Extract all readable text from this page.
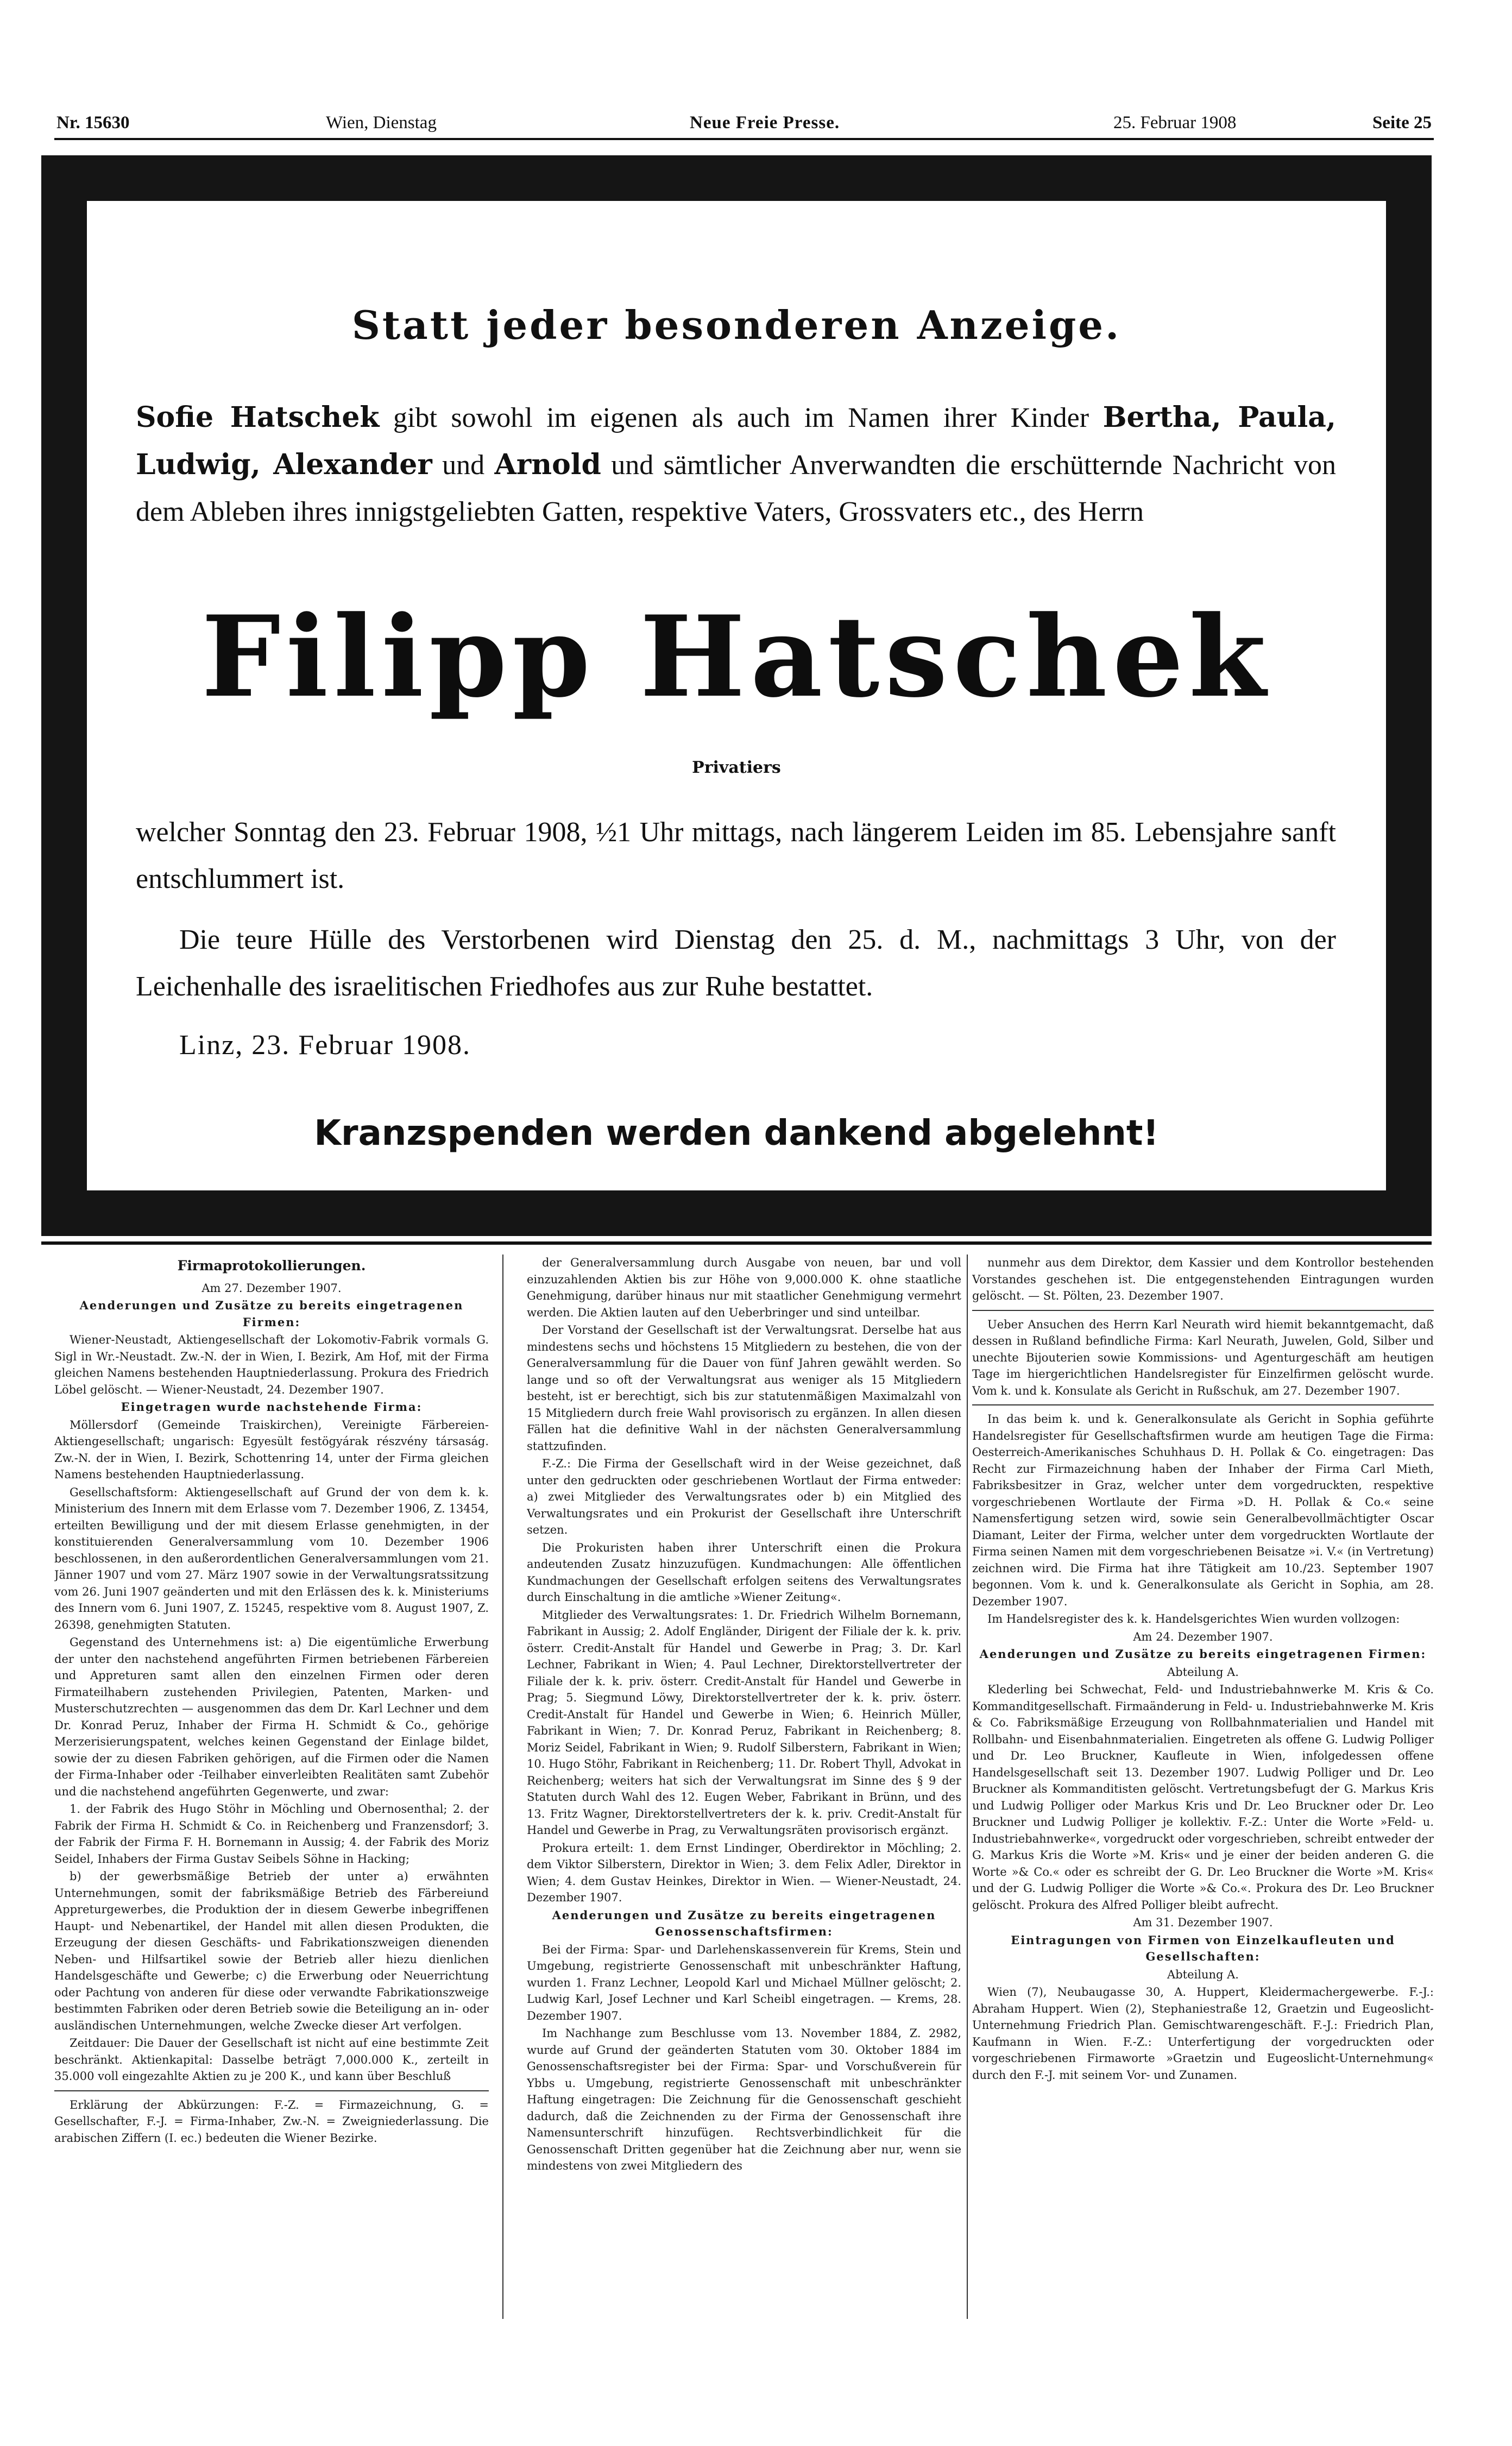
Nr. 15630	Wien, Dienstag	Neue Freie Presse.	25. Februar 1908	Seite 25
Statt jeder besonderen Anzeige.
Sofie Hatschek gibt sowohl im eigenen als auch im Namen ihrer Kinder Bertha, Paula, Ludwig, Alexander und Arnold und sämtlicher Anverwandten die erschütternde Nachricht von dem Ableben ihres innigstgeliebten Gatten, respektive Vaters, Grossvaters etc., des Herrn
Filipp Hatschek
Privatiers
welcher Sonntag den 23. Februar 1908, ½1 Uhr mittags, nach längerem Leiden im 85. Lebensjahre sanft entschlummert ist.
Die teure Hülle des Verstorbenen wird Dienstag den 25. d. M., nachmittags 3 Uhr, von der Leichenhalle des israelitischen Friedhofes aus zur Ruhe bestattet.
Linz, 23. Februar 1908.
Kranzspenden werden dankend abgelehnt!
Firmaprotokollierungen.

Am 27. Dezember 1907.

Aenderungen und Zusätze zu bereits eingetragenen Firmen:

Wiener-Neustadt, Aktiengesellschaft der Lokomotiv-Fabrik vormals G. Sigl in Wr.-Neustadt. Zw.-N. der in Wien, I. Bezirk, Am Hof, mit der Firma gleichen Namens bestehenden Hauptniederlassung. Prokura des Friedrich Löbel gelöscht. — Wiener-Neustadt, 24. Dezember 1907.

Eingetragen wurde nachstehende Firma:

Möllersdorf (Gemeinde Traiskirchen), Vereinigte Färbereien-Aktiengesellschaft; ungarisch: Egyesült festögyárak részvény társaság. Zw.-N. der in Wien, I. Bezirk, Schottenring 14, unter der Firma gleichen Namens bestehenden Hauptniederlassung.

Gesellschaftsform: Aktiengesellschaft auf Grund der von dem k. k. Ministerium des Innern mit dem Erlasse vom 7. Dezember 1906, Z. 13454, erteilten Bewilligung und der mit diesem Erlasse genehmigten, in der konstituierenden Generalversammlung vom 10. Dezember 1906 beschlossenen, in den außerordentlichen Generalversammlungen vom 21. Jänner 1907 und vom 27. März 1907 sowie in der Verwaltungsratssitzung vom 26. Juni 1907 geänderten und mit den Erlässen des k. k. Ministeriums des Innern vom 6. Juni 1907, Z. 15245, respektive vom 8. August 1907, Z. 26398, genehmigten Statuten.

Gegenstand des Unternehmens ist: a) Die eigentümliche Erwerbung der unter den nachstehend angeführten Firmen betriebenen Färbereien und Appreturen samt allen den einzelnen Firmen oder deren Firmateilhabern zustehenden Privilegien, Patenten, Marken- und Musterschutzrechten — ausgenommen das dem Dr. Karl Lechner und dem Dr. Konrad Peruz, Inhaber der Firma H. Schmidt & Co., gehörige Merzerisierungspatent, welches keinen Gegenstand der Einlage bildet, sowie der zu diesen Fabriken gehörigen, auf die Firmen oder die Namen der Firma-Inhaber oder -Teilhaber einverleibten Realitäten samt Zubehör und die nachstehend angeführten Gegenwerte, und zwar:

1. der Fabrik des Hugo Stöhr in Möchling und Obernosenthal; 2. der Fabrik der Firma H. Schmidt & Co. in Reichenberg und Franzensdorf; 3. der Fabrik der Firma F. H. Bornemann in Aussig; 4. der Fabrik des Moriz Seidel, Inhabers der Firma Gustav Seibels Söhne in Hacking;

b) der gewerbsmäßige Betrieb der unter a) erwähnten Unternehmungen, somit der fabriksmäßige Betrieb des Färbereiund Appreturgewerbes, die Produktion der in diesem Gewerbe inbegriffenen Haupt- und Nebenartikel, der Handel mit allen diesen Produkten, die Erzeugung der diesen Geschäfts- und Fabrikationszweigen dienenden Neben- und Hilfsartikel sowie der Betrieb aller hiezu dienlichen Handelsgeschäfte und Gewerbe; c) die Erwerbung oder Neuerrichtung oder Pachtung von anderen für diese oder verwandte Fabrikationszweige bestimmten Fabriken oder deren Betrieb sowie die Beteiligung an in- oder ausländischen Unternehmungen, welche Zwecke dieser Art verfolgen.

Zeitdauer: Die Dauer der Gesellschaft ist nicht auf eine bestimmte Zeit beschränkt. Aktienkapital: Dasselbe beträgt 7,000.000 K., zerteilt in 35.000 voll eingezahlte Aktien zu je 200 K., und kann über Beschluß

Erklärung der Abkürzungen: F.-Z. = Firmazeichnung, G. = Gesellschafter, F.-J. = Firma-Inhaber, Zw.-N. = Zweigniederlassung. Die arabischen Ziffern (I. ec.) bedeuten die Wiener Bezirke.

der Generalversammlung durch Ausgabe von neuen, bar und voll einzuzahlenden Aktien bis zur Höhe von 9,000.000 K. ohne staatliche Genehmigung, darüber hinaus nur mit staatlicher Genehmigung vermehrt werden. Die Aktien lauten auf den Ueberbringer und sind unteilbar.

Der Vorstand der Gesellschaft ist der Verwaltungsrat. Derselbe hat aus mindestens sechs und höchstens 15 Mitgliedern zu bestehen, die von der Generalversammlung für die Dauer von fünf Jahren gewählt werden. So lange und so oft der Verwaltungsrat aus weniger als 15 Mitgliedern besteht, ist er berechtigt, sich bis zur statutenmäßigen Maximalzahl von 15 Mitgliedern durch freie Wahl provisorisch zu ergänzen. In allen diesen Fällen hat die definitive Wahl in der nächsten Generalversammlung stattzufinden.

F.-Z.: Die Firma der Gesellschaft wird in der Weise gezeichnet, daß unter den gedruckten oder geschriebenen Wortlaut der Firma entweder: a) zwei Mitglieder des Verwaltungsrates oder b) ein Mitglied des Verwaltungsrates und ein Prokurist der Gesellschaft ihre Unterschrift setzen.

Die Prokuristen haben ihrer Unterschrift einen die Prokura andeutenden Zusatz hinzuzufügen. Kundmachungen: Alle öffentlichen Kundmachungen der Gesellschaft erfolgen seitens des Verwaltungsrates durch Einschaltung in die amtliche »Wiener Zeitung«.

Mitglieder des Verwaltungsrates: 1. Dr. Friedrich Wilhelm Bornemann, Fabrikant in Aussig; 2. Adolf Engländer, Dirigent der Filiale der k. k. priv. österr. Credit-Anstalt für Handel und Gewerbe in Prag; 3. Dr. Karl Lechner, Fabrikant in Wien; 4. Paul Lechner, Direktorstellvertreter der Filiale der k. k. priv. österr. Credit-Anstalt für Handel und Gewerbe in Prag; 5. Siegmund Löwy, Direktorstellvertreter der k. k. priv. österr. Credit-Anstalt für Handel und Gewerbe in Wien; 6. Heinrich Müller, Fabrikant in Wien; 7. Dr. Konrad Peruz, Fabrikant in Reichenberg; 8. Moriz Seidel, Fabrikant in Wien; 9. Rudolf Silberstern, Fabrikant in Wien; 10. Hugo Stöhr, Fabrikant in Reichenberg; 11. Dr. Robert Thyll, Advokat in Reichenberg; weiters hat sich der Verwaltungsrat im Sinne des § 9 der Statuten durch Wahl des 12. Eugen Weber, Fabrikant in Brünn, und des 13. Fritz Wagner, Direktorstellvertreters der k. k. priv. Credit-Anstalt für Handel und Gewerbe in Prag, zu Verwaltungsräten provisorisch ergänzt.

Prokura erteilt: 1. dem Ernst Lindinger, Oberdirektor in Möchling; 2. dem Viktor Silberstern, Direktor in Wien; 3. dem Felix Adler, Direktor in Wien; 4. dem Gustav Heinkes, Direktor in Wien. — Wiener-Neustadt, 24. Dezember 1907.

Aenderungen und Zusätze zu bereits eingetragenen Genossenschaftsfirmen:

Bei der Firma: Spar- und Darlehenskassenverein für Krems, Stein und Umgebung, registrierte Genossenschaft mit unbeschränkter Haftung, wurden 1. Franz Lechner, Leopold Karl und Michael Müllner gelöscht; 2. Ludwig Karl, Josef Lechner und Karl Scheibl eingetragen. — Krems, 28. Dezember 1907.

Im Nachhange zum Beschlusse vom 13. November 1884, Z. 2982, wurde auf Grund der geänderten Statuten vom 30. Oktober 1884 im Genossenschaftsregister bei der Firma: Spar- und Vorschußverein für Ybbs u. Umgebung, registrierte Genossenschaft mit unbeschränkter Haftung eingetragen: Die Zeichnung für die Genossenschaft geschieht dadurch, daß die Zeichnenden zu der Firma der Genossenschaft ihre Namensunterschrift hinzufügen. Rechtsverbindlichkeit für die Genossenschaft Dritten gegenüber hat die Zeichnung aber nur, wenn sie mindestens von zwei Mitgliedern des

nunmehr aus dem Direktor, dem Kassier und dem Kontrollor bestehenden Vorstandes geschehen ist. Die entgegenstehenden Eintragungen wurden gelöscht. — St. Pölten, 23. Dezember 1907.

Ueber Ansuchen des Herrn Karl Neurath wird hiemit bekanntgemacht, daß dessen in Rußland befindliche Firma: Karl Neurath, Juwelen, Gold, Silber und unechte Bijouterien sowie Kommissions- und Agenturgeschäft am heutigen Tage im hiergerichtlichen Handelsregister für Einzelfirmen gelöscht wurde. Vom k. und k. Konsulate als Gericht in Rußschuk, am 27. Dezember 1907.

In das beim k. und k. Generalkonsulate als Gericht in Sophia geführte Handelsregister für Gesellschaftsfirmen wurde am heutigen Tage die Firma: Oesterreich-Amerikanisches Schuhhaus D. H. Pollak & Co. eingetragen: Das Recht zur Firmazeichnung haben der Inhaber der Firma Carl Mieth, Fabriksbesitzer in Graz, welcher unter dem vorgedruckten, respektive vorgeschriebenen Wortlaute der Firma »D. H. Pollak & Co.« seine Namensfertigung setzen wird, sowie sein Generalbevollmächtigter Oscar Diamant, Leiter der Firma, welcher unter dem vorgedruckten Wortlaute der Firma seinen Namen mit dem vorgeschriebenen Beisatze »i. V.« (in Vertretung) zeichnen wird. Die Firma hat ihre Tätigkeit am 10./23. September 1907 begonnen. Vom k. und k. Generalkonsulate als Gericht in Sophia, am 28. Dezember 1907.

Im Handelsregister des k. k. Handelsgerichtes Wien wurden vollzogen:

Am 24. Dezember 1907.

Aenderungen und Zusätze zu bereits eingetragenen Firmen:

Abteilung A.

Klederling bei Schwechat, Feld- und Industriebahnwerke M. Kris & Co. Kommanditgesellschaft. Firmaänderung in Feld- u. Industriebahnwerke M. Kris & Co. Fabriksmäßige Erzeugung von Rollbahnmaterialien und Handel mit Rollbahn- und Eisenbahnmaterialien. Eingetreten als offene G. Ludwig Polliger und Dr. Leo Bruckner, Kaufleute in Wien, infolgedessen offene Handelsgesellschaft seit 13. Dezember 1907. Ludwig Polliger und Dr. Leo Bruckner als Kommanditisten gelöscht. Vertretungsbefugt der G. Markus Kris und Ludwig Polliger oder Markus Kris und Dr. Leo Bruckner oder Dr. Leo Bruckner und Ludwig Polliger je kollektiv. F.-Z.: Unter die Worte »Feld- u. Industriebahnwerke«, vorgedruckt oder vorgeschrieben, schreibt entweder der G. Markus Kris die Worte »M. Kris« und je einer der beiden anderen G. die Worte »& Co.« oder es schreibt der G. Dr. Leo Bruckner die Worte »M. Kris« und der G. Ludwig Polliger die Worte »& Co.«. Prokura des Dr. Leo Bruckner gelöscht. Prokura des Alfred Polliger bleibt aufrecht.

Am 31. Dezember 1907.

Eintragungen von Firmen von Einzelkaufleuten und Gesellschaften:

Abteilung A.

Wien (7), Neubaugasse 30, A. Huppert, Kleidermachergewerbe. F.-J.: Abraham Huppert. Wien (2), Stephaniestraße 12, Graetzin und Eugeoslicht-Unternehmung Friedrich Plan. Gemischtwarengeschäft. F.-J.: Friedrich Plan, Kaufmann in Wien. F.-Z.: Unterfertigung der vorgedruckten oder vorgeschriebenen Firmaworte »Graetzin und Eugeoslicht-Unternehmung« durch den F.-J. mit seinem Vor- und Zunamen.
